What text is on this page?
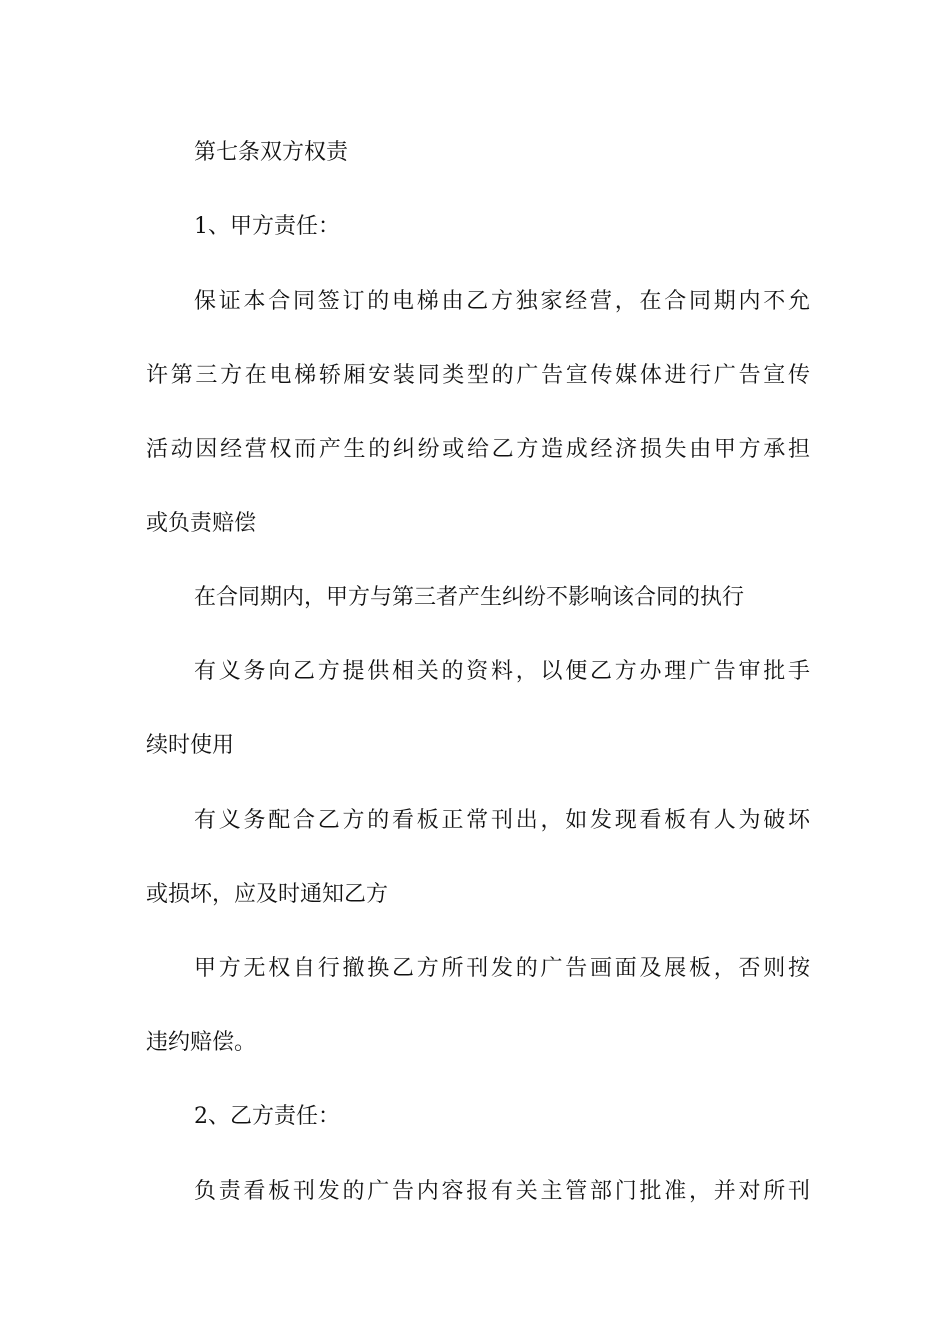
第七条双方权责
1、甲方责任：
保证本合同签订的电梯由乙方独家经营，在合同期内不允
许第三方在电梯轿厢安装同类型的广告宣传媒体进行广告宣传
活动因经营权而产生的纠纷或给乙方造成经济损失由甲方承担
或负责赔偿
在合同期内，甲方与第三者产生纠纷不影响该合同的执行
有义务向乙方提供相关的资料，以便乙方办理广告审批手
续时使用
有义务配合乙方的看板正常刊出，如发现看板有人为破坏
或损坏，应及时通知乙方
甲方无权自行撤换乙方所刊发的广告画面及展板，否则按
违约赔偿。
2、乙方责任：
负责看板刊发的广告内容报有关主管部门批准，并对所刊
